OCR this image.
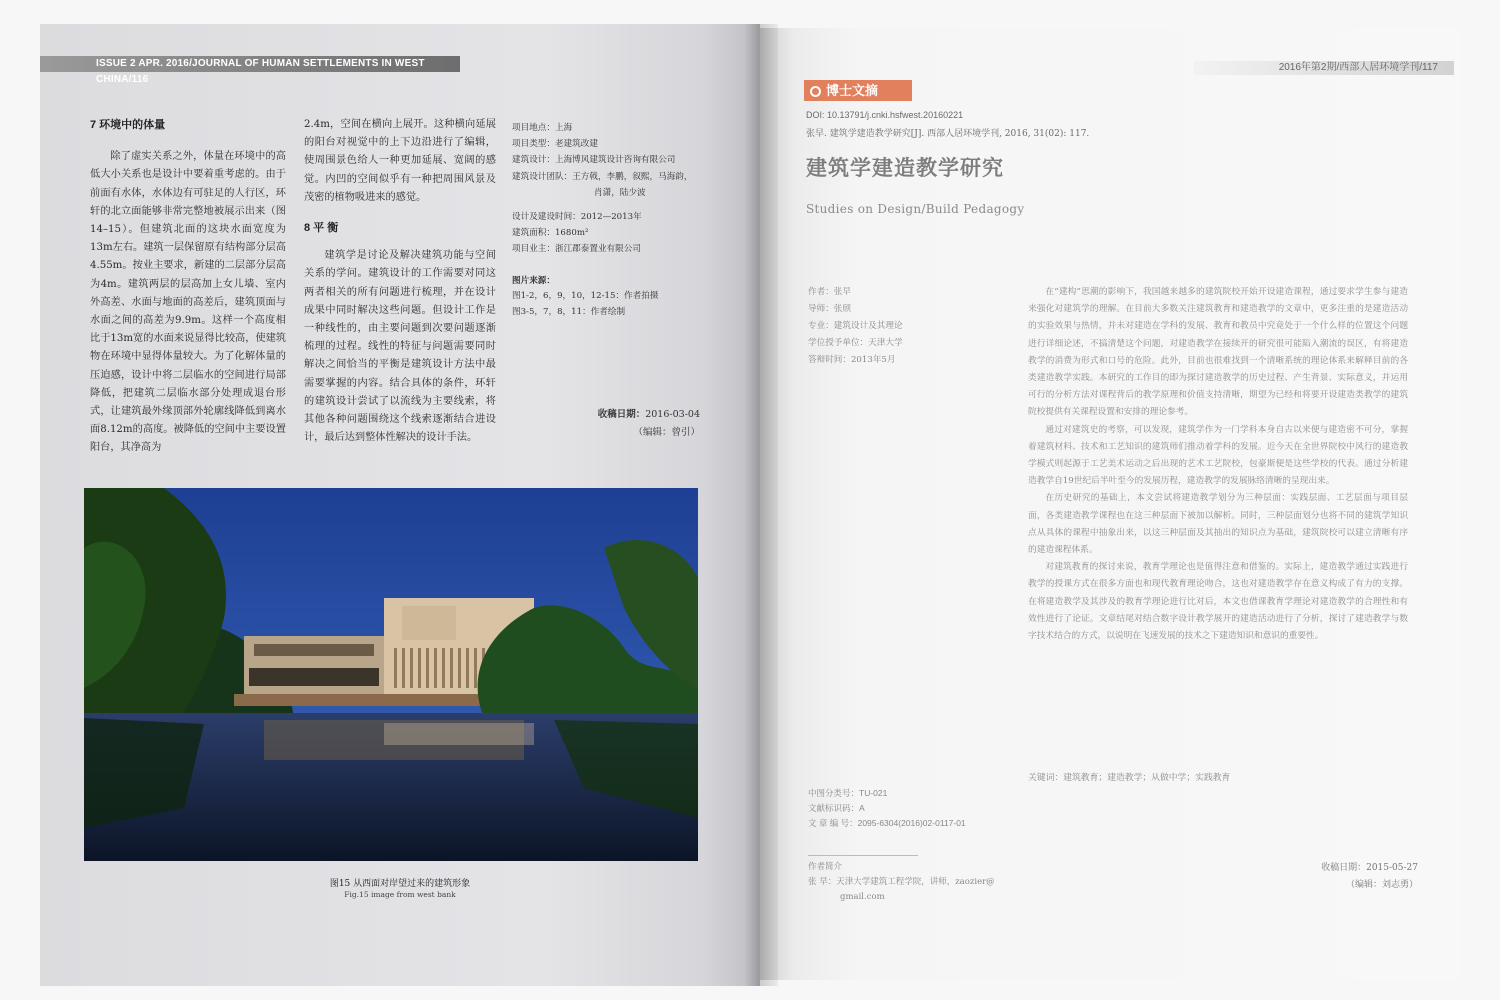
ISSUE 2 APR. 2016/JOURNAL OF HUMAN SETTLEMENTS IN WEST CHINA/116
7 环境中的体量
除了虚实关系之外，体量在环境中的高低大小关系也是设计中要着重考虑的。由于前面有水体，水体边有可驻足的人行区，环轩的北立面能够非常完整地被展示出来（图14–15）。但建筑北面的这块水面宽度为13m左右。建筑一层保留原有结构部分层高4.55m。按业主要求，新建的二层部分层高为4m。建筑两层的层高加上女儿墙、室内外高差、水面与地面的高差后，建筑顶面与水面之间的高差为9.9m。这样一个高度相比于13m宽的水面来说显得比较高，使建筑物在环境中显得体量较大。为了化解体量的压迫感，设计中将二层临水的空间进行局部降低，把建筑二层临水部分处理成退台形式，让建筑最外缘顶部外轮廓线降低到离水面8.12m的高度。被降低的空间中主要设置阳台，其净高为
2.4m，空间在横向上展开。这种横向延展的阳台对视觉中的上下边沿进行了编辑，使周围景色给人一种更加延展、宽阔的感觉。内凹的空间似乎有一种把周围风景及茂密的植物吸进来的感觉。
8 平 衡
建筑学是讨论及解决建筑功能与空间关系的学问。建筑设计的工作需要对同这两者相关的所有问题进行梳理，并在设计成果中同时解决这些问题。但设计工作是一种线性的，由主要问题到次要问题逐渐梳理的过程。线性的特征与问题需要同时解决之间恰当的平衡是建筑设计方法中最需要掌握的内容。结合具体的条件，环轩的建筑设计尝试了以流线为主要线索，将其他各种问题围绕这个线索逐渐结合进设计，最后达到整体性解决的设计手法。
项目地点：上海
项目类型：老建筑改建
建筑设计：上海博风建筑设计咨询有限公司
建筑设计团队：王方戟，李鹏，叙熙，马海韵，
肖潇，陆少波
设计及建设时间：2012—2013年
建筑面积：1680m²
项目业主：浙江郡泰置业有限公司
图片来源：
图1-2，6，9，10，12-15：作者拍摄
图3-5，7，8，11：作者绘制
收稿日期：2016-03-04
（编辑：曾引）
图15 从西面对岸望过来的建筑形象
Fig.15 image from west bank
2016年第2期/西部人居环境学刊/117
博士文摘
DOI: 10.13791/j.cnki.hsfwest.20160221
张早. 建筑学建造教学研究[J]. 西部人居环境学刊, 2016, 31(02): 117.
建筑学建造教学研究
Studies on Design/Build Pedagogy
作者：张早
导师：张颀
专业：建筑设计及其理论
学位授予单位：天津大学
答辩时间：2013年5月

在“建构”思潮的影响下，我国越来越多的建筑院校开始开设建造课程，通过要求学生参与建造来强化对建筑学的理解。在目前大多数关注建筑教育和建造教学的文章中，更多注重的是建造活动的实验效果与热情，并未对建造在学科的发展、教育和教员中究竟处于一个什么样的位置这个问题进行详细论述，不搞清楚这个问题，对建造教学在接续开的研究很可能陷入潮流的误区，有将建造教学的消费为形式和口号的危险。此外，目前也很难找到一个清晰系统的理论体系来解释目前的各类建造教学实践。本研究的工作目的即为探讨建造教学的历史过程、产生背景、实际意义，并运用可行的分析方法对课程背后的教学原理和价值支持清晰，期望为已经和将要开设建造类教学的建筑院校提供有关课程设置和安排的理论参考。

通过对建筑史的考察，可以发现，建筑学作为一门学科本身自古以来便与建造密不可分，掌握着建筑材料、技术和工艺知识的建筑师们推动着学科的发展。近今天在全世界院校中风行的建造教学模式则起源于工艺美术运动之后出现的艺术工艺院校，包豪斯便是这些学校的代表。通过分析建造教学自19世纪后半叶至今的发展历程，建造教学的发展脉络清晰的呈现出来。

在历史研究的基础上，本文尝试将建造教学划分为三种层面：实践层面、工艺层面与项目层面，各类建造教学课程也在这三种层面下被加以解析。同时，三种层面划分也将不同的建筑学知识点从具体的课程中抽象出来，以这三种层面及其抽出的知识点为基础，建筑院校可以建立清晰有序的建造课程体系。

对建筑教育的探讨来说，教育学理论也是值得注意和借鉴的。实际上，建造教学通过实践进行教学的授课方式在很多方面也和现代教育理论吻合，这也对建造教学存在意义构成了有力的支撑。在将建造教学及其涉及的教育学理论进行比对后，本文也借课教育学理论对建造教学的合理性和有效性进行了论证。文章结尾对结合数字设计教学展开的建造活动进行了分析，探讨了建造教学与数字技术结合的方式，以说明在飞速发展的技术之下建造知识和意识的重要性。

关键词：建筑教育；建造教学；从做中学；实践教育
中图分类号：TU-021
文献标识码：A
文 章 编 号：2095-6304(2016)02-0117-01
作者简介
张 早：天津大学建筑工程学院，讲师，zaozier@
gmail.com
收稿日期：2015-05-27
（编辑：刘志勇）
